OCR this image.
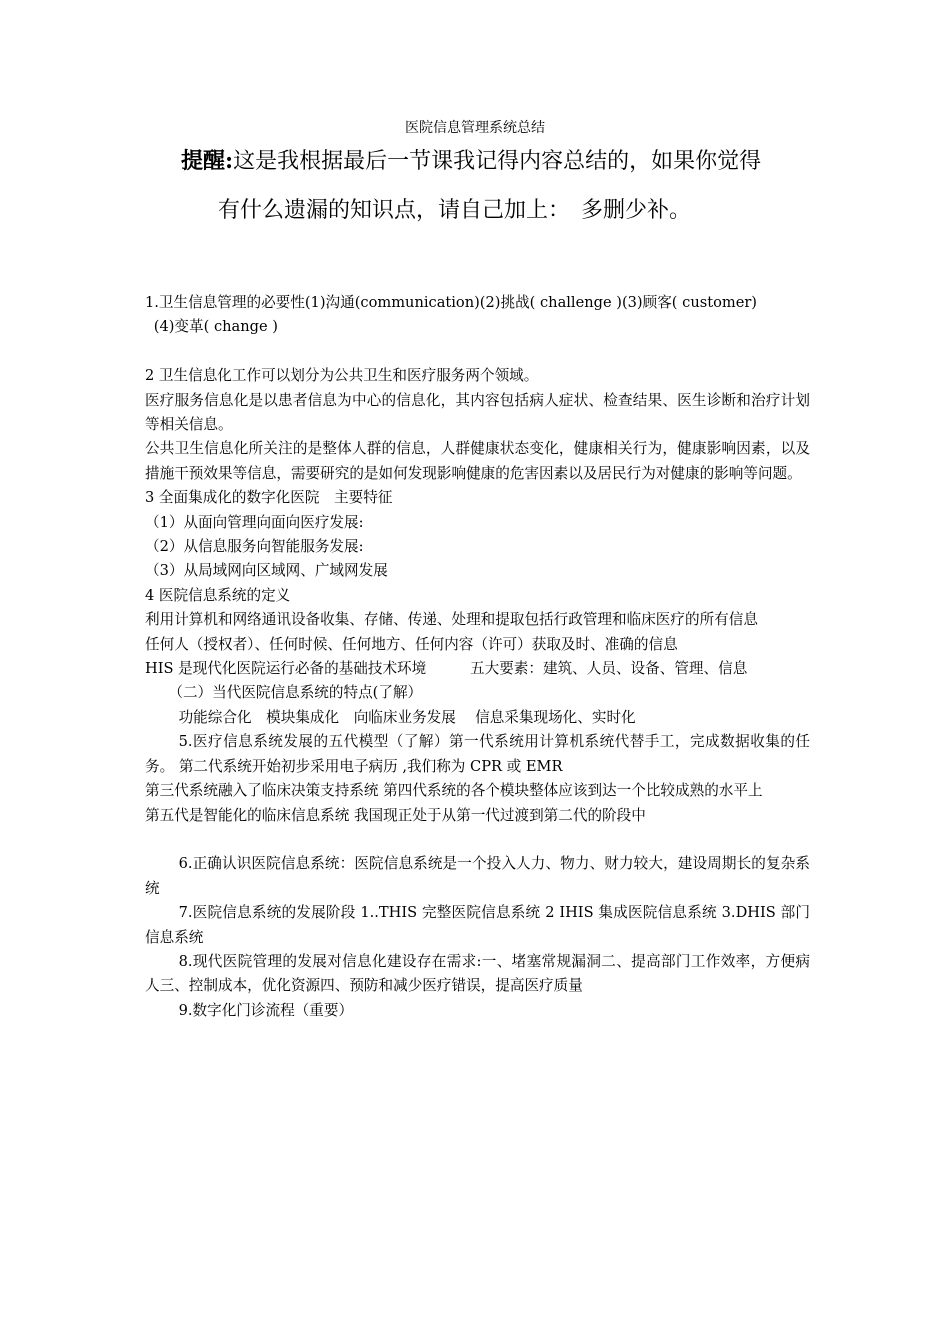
医院信息管理系统总结
提醒:这是我根据最后一节课我记得内容总结的，如果你觉得
有什么遗漏的知识点，请自己加上：　多删少补。

1.卫生信息管理的必要性(1)沟通(communication)(2)挑战( challenge )(3)顾客( customer)

(4)变革( change )

2 卫生信息化工作可以划分为公共卫生和医疗服务两个领域。

医疗服务信息化是以患者信息为中心的信息化，其内容包括病人症状、检查结果、医生诊断和治疗计划等相关信息。

公共卫生信息化所关注的是整体人群的信息，人群健康状态变化，健康相关行为，健康影响因素，以及措施干预效果等信息，需要研究的是如何发现影响健康的危害因素以及居民行为对健康的影响等问题。

3 全面集成化的数字化医院　主要特征

（1）从面向管理向面向医疗发展:

（2）从信息服务向智能服务发展:

（3）从局域网向区域网、广域网发展

4 医院信息系统的定义

利用计算机和网络通讯设备收集、存储、传递、处理和提取包括行政管理和临床医疗的所有信息

任何人（授权者）、任何时候、任何地方、任何内容（许可）获取及时、准确的信息

HIS 是现代化医院运行必备的基础技术环境　　　五大要素：建筑、人员、设备、管理、信息

（二）当代医院信息系统的特点(了解）

功能综合化　模块集成化　向临床业务发展　 信息采集现场化、实时化

5.医疗信息系统发展的五代模型（了解）第一代系统用计算机系统代替手工，完成数据收集的任务。 第二代系统开始初步采用电子病历 ,我们称为 CPR 或 EMR

第三代系统融入了临床决策支持系统 第四代系统的各个模块整体应该到达一个比较成熟的水平上

第五代是智能化的临床信息系统 我国现正处于从第一代过渡到第二代的阶段中

6.正确认识医院信息系统：医院信息系统是一个投入人力、物力、财力较大，建设周期长的复杂系统

7.医院信息系统的发展阶段 1..THIS 完整医院信息系统 2 IHIS 集成医院信息系统 3.DHIS 部门信息系统

8.现代医院管理的发展对信息化建设存在需求:一、堵塞常规漏洞二、提高部门工作效率，方便病人三、控制成本，优化资源四、预防和减少医疗错误，提高医疗质量

9.数字化门诊流程（重要）
